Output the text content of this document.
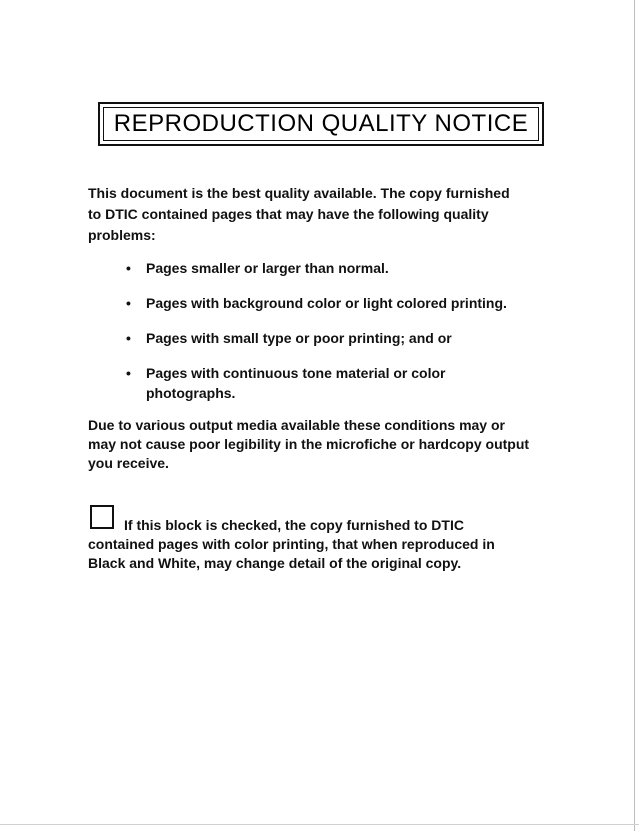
REPRODUCTION QUALITY NOTICE
This document is the best quality available. The copy furnished
to DTIC contained pages that may have the following quality
problems:
• Pages smaller or larger than normal.
• Pages with background color or light colored printing.
• Pages with small type or poor printing; and or
• Pages with continuous tone material or color
photographs.
Due to various output media available these conditions may or
may not cause poor legibility in the microfiche or hardcopy output
you receive.
If this block is checked, the copy furnished to DTIC
contained pages with color printing, that when reproduced in
Black and White, may change detail of the original copy.
